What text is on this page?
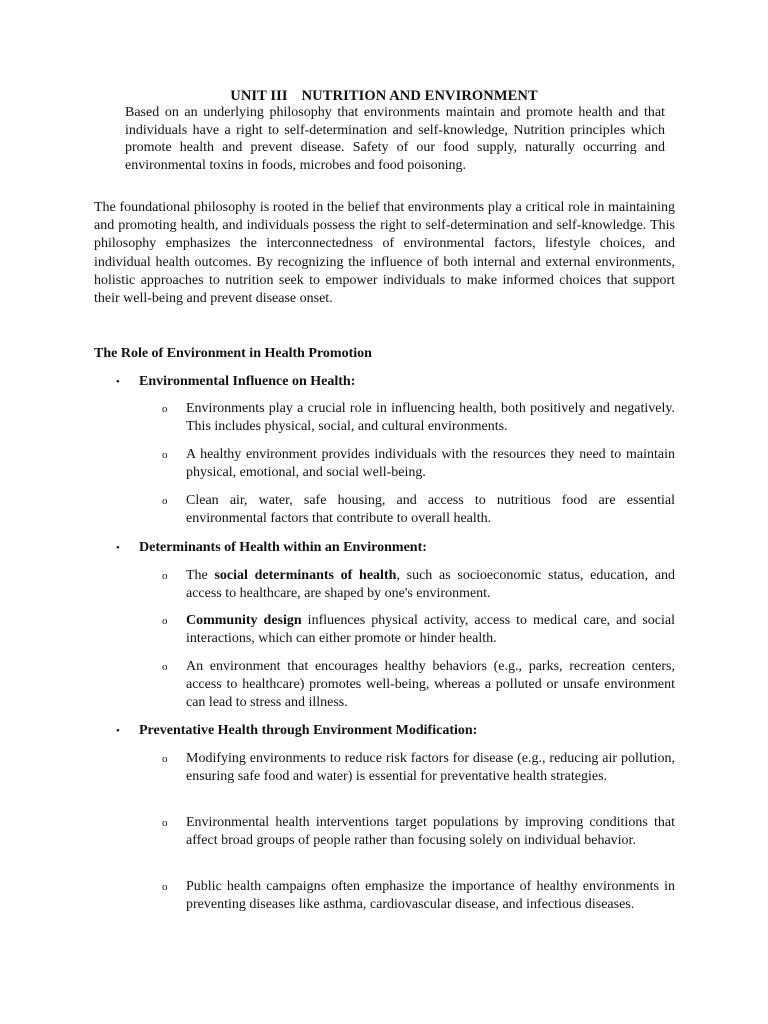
UNIT III NUTRITION AND ENVIRONMENT

Based on an underlying philosophy that environments maintain and promote health and that individuals have a right to self-determination and self-knowledge, Nutrition principles which promote health and prevent disease. Safety of our food supply, naturally occurring and environmental toxins in foods, microbes and food poisoning.

The foundational philosophy is rooted in the belief that environments play a critical role in maintaining and promoting health, and individuals possess the right to self-determination and self-knowledge. This philosophy emphasizes the interconnectedness of environmental factors, lifestyle choices, and individual health outcomes. By recognizing the influence of both internal and external environments, holistic approaches to nutrition seek to empower individuals to make informed choices that support their well-being and prevent disease onset.

The Role of Environment in Health Promotion
• Environmental Influence on Health:
o Environments play a crucial role in influencing health, both positively and negatively. This includes physical, social, and cultural environments.
o A healthy environment provides individuals with the resources they need to maintain physical, emotional, and social well-being.
o Clean air, water, safe housing, and access to nutritious food are essential environmental factors that contribute to overall health.
• Determinants of Health within an Environment:
o The social determinants of health, such as socioeconomic status, education, and access to healthcare, are shaped by one's environment.
o Community design influences physical activity, access to medical care, and social interactions, which can either promote or hinder health.
o An environment that encourages healthy behaviors (e.g., parks, recreation centers, access to healthcare) promotes well-being, whereas a polluted or unsafe environment can lead to stress and illness.
• Preventative Health through Environment Modification:
o Modifying environments to reduce risk factors for disease (e.g., reducing air pollution, ensuring safe food and water) is essential for preventative health strategies.
o Environmental health interventions target populations by improving conditions that affect broad groups of people rather than focusing solely on individual behavior.
o Public health campaigns often emphasize the importance of healthy environments in preventing diseases like asthma, cardiovascular disease, and infectious diseases.
